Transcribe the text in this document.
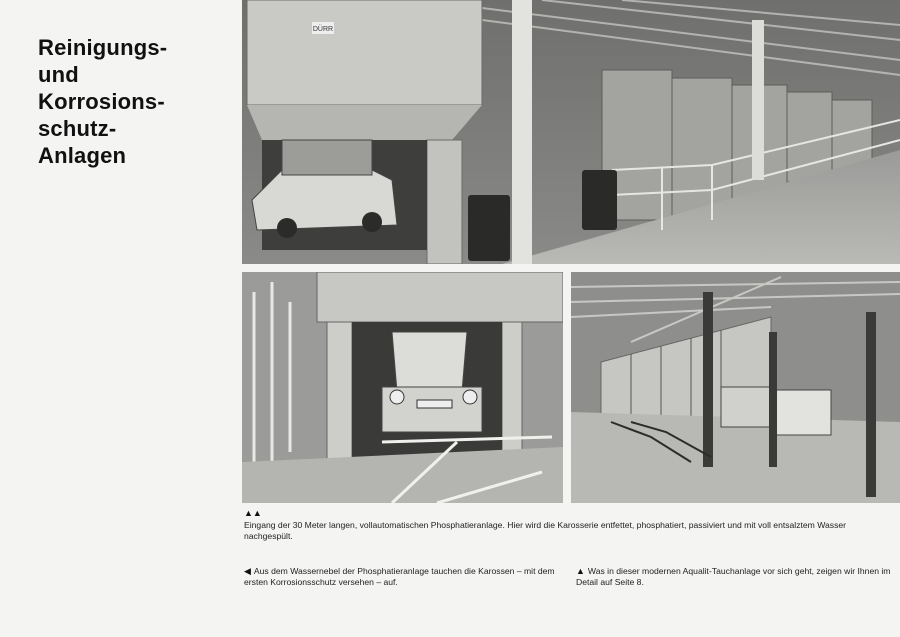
Reinigungs-
und
Korrosions-
schutz-
Anlagen
DÜRR
▲▲
Eingang der 30 Meter langen, vollautomatischen Phosphatieranlage. Hier wird die Karosserie entfettet, phosphatiert, passiviert und mit voll entsalztem Wasser nachgespült.
◀ Aus dem Wassernebel der Phosphatieranlage tauchen die Karossen – mit dem ersten Korrosionsschutz versehen – auf.
▲ Was in dieser modernen Aqualit-Tauchanlage vor sich geht, zeigen wir Ihnen im Detail auf Seite 8.
